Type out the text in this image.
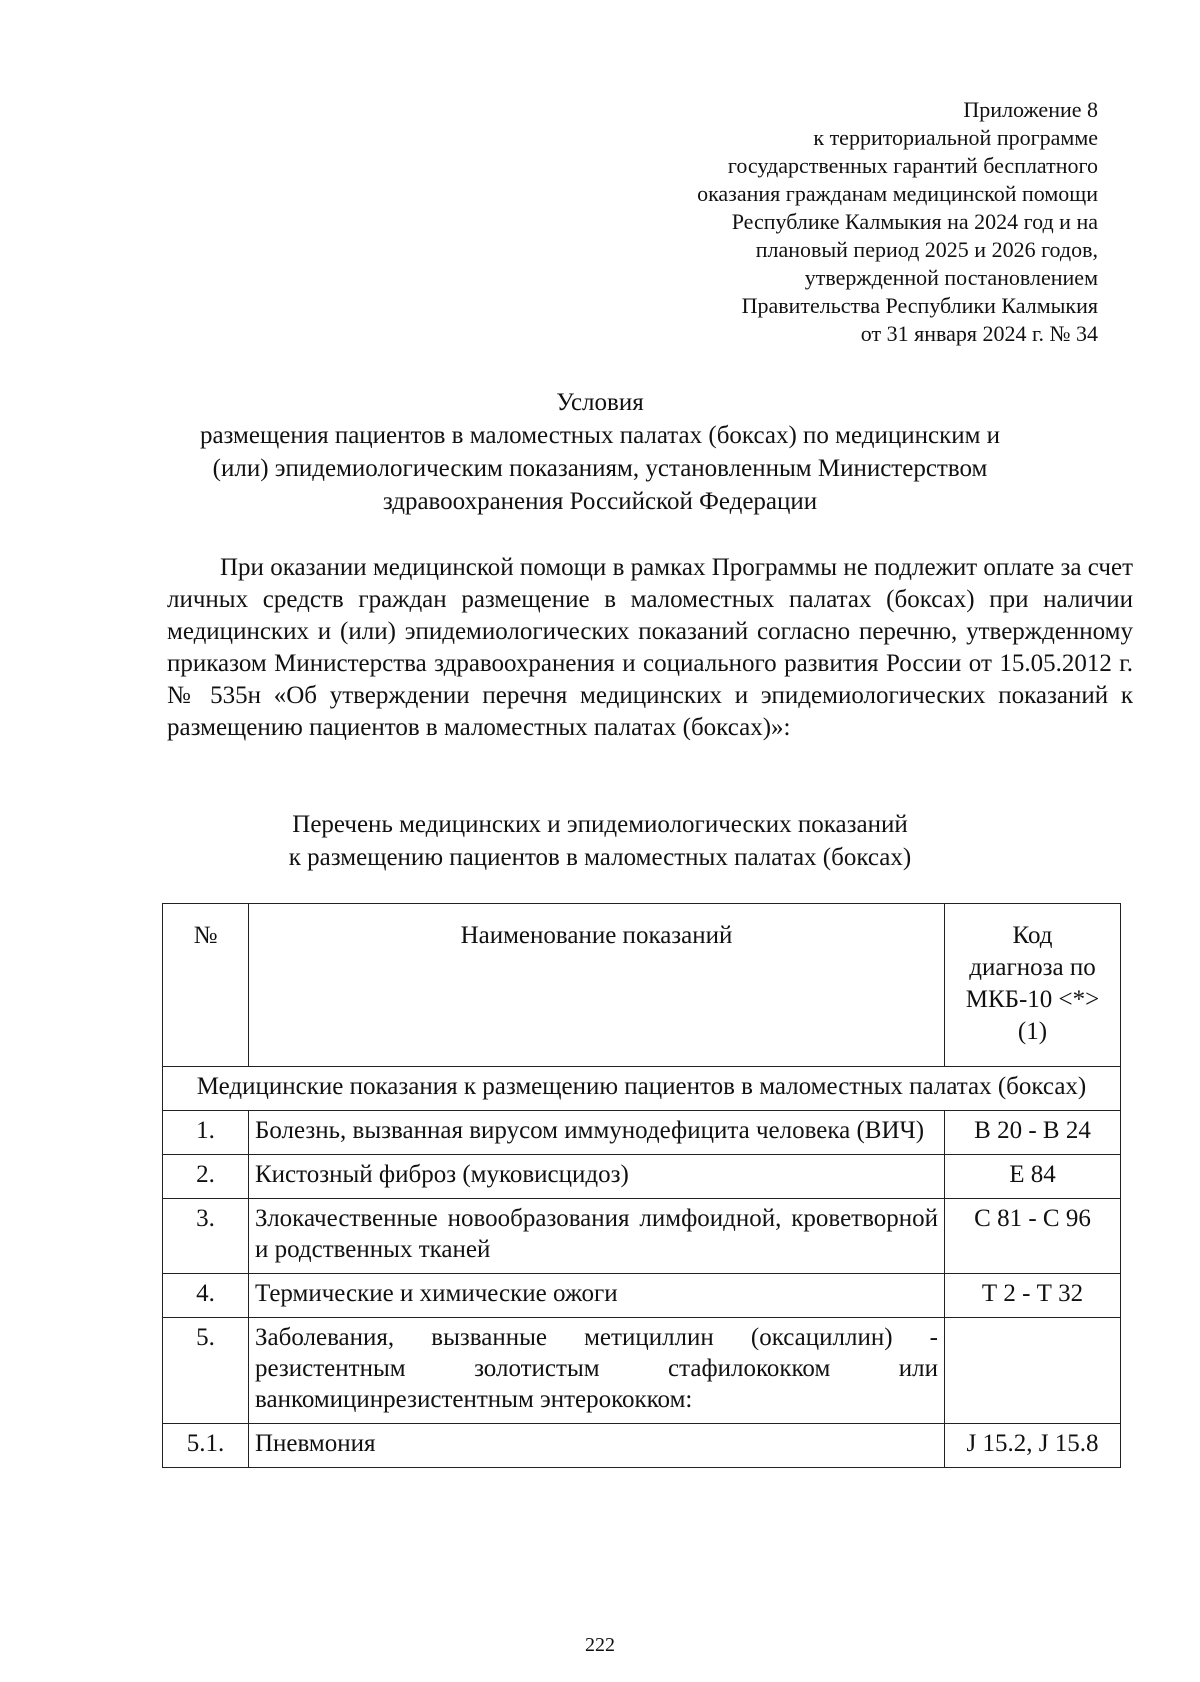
Приложение 8
к территориальной программе
государственных гарантий бесплатного
оказания гражданам медицинской помощи
Республике Калмыкия на 2024 год и на
плановый период 2025 и 2026 годов,
утвержденной постановлением
Правительства Республики Калмыкия
от 31 января 2024 г. № 34
Условия
размещения пациентов в маломестных палатах (боксах) по медицинским и
(или) эпидемиологическим показаниям, установленным Министерством
здравоохранения Российской Федерации
При оказании медицинской помощи в рамках Программы не подлежит оплате за счет личных средств граждан размещение в маломестных палатах (боксах) при наличии медицинских и (или) эпидемиологических показаний согласно перечню, утвержденному приказом Министерства здравоохранения и социального развития России от 15.05.2012 г.№ 535н «Об утверждении перечня медицинских и эпидемиологических показаний к размещению пациентов в маломестных палатах (боксах)»:
Перечень медицинских и эпидемиологических показаний
к размещению пациентов в маломестных палатах (боксах)
№	Наименование показаний	Код
диагноза по
МКБ-10 <*>
(1)

Медицинские показания к размещению пациентов в маломестных палатах (боксах)		
1.	Болезнь, вызванная вирусом иммунодефицита человека (ВИЧ)	В 20 - В 24
2.	Кистозный фиброз (муковисцидоз)	Е 84
3.	Злокачественные новообразования лимфоидной, кроветворной и родственных тканей	С 81 - С 96
4.	Термические и химические ожоги	Т 2 - Т 32
5.	Заболевания, вызванные метициллин (оксациллин) - резистентным золотистым стафилококком или ванкомицинрезистентным энтерококком:	
5.1.	Пневмония	J 15.2, J 15.8
222
